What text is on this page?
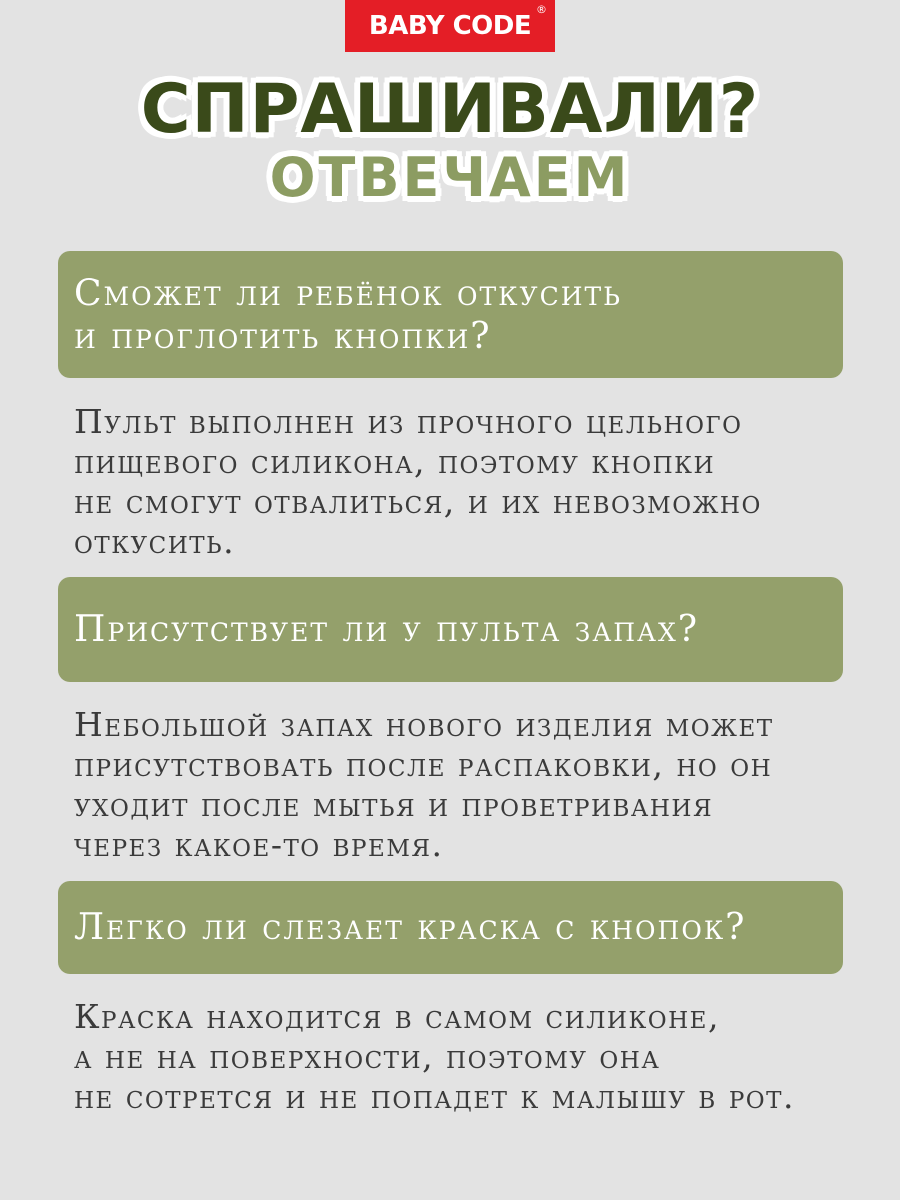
BABY CODE
®
СПРАШИВАЛИ?
ОТВЕЧАЕМ
Сможет ли ребёнок откусить
и проглотить кнопки?
Пульт выполнен из прочного цельного
пищевого силикона, поэтому кнопки
не смогут отвалиться, и их невозможно
откусить.
Присутствует ли у пульта запах?
Небольшой запах нового изделия может
присутствовать после распаковки, но он
уходит после мытья и проветривания
через какое-то время.
Легко ли слезает краска с кнопок?
Краска находится в самом силиконе,
а не на поверхности, поэтому она
не сотрется и не попадет к малышу в рот.
